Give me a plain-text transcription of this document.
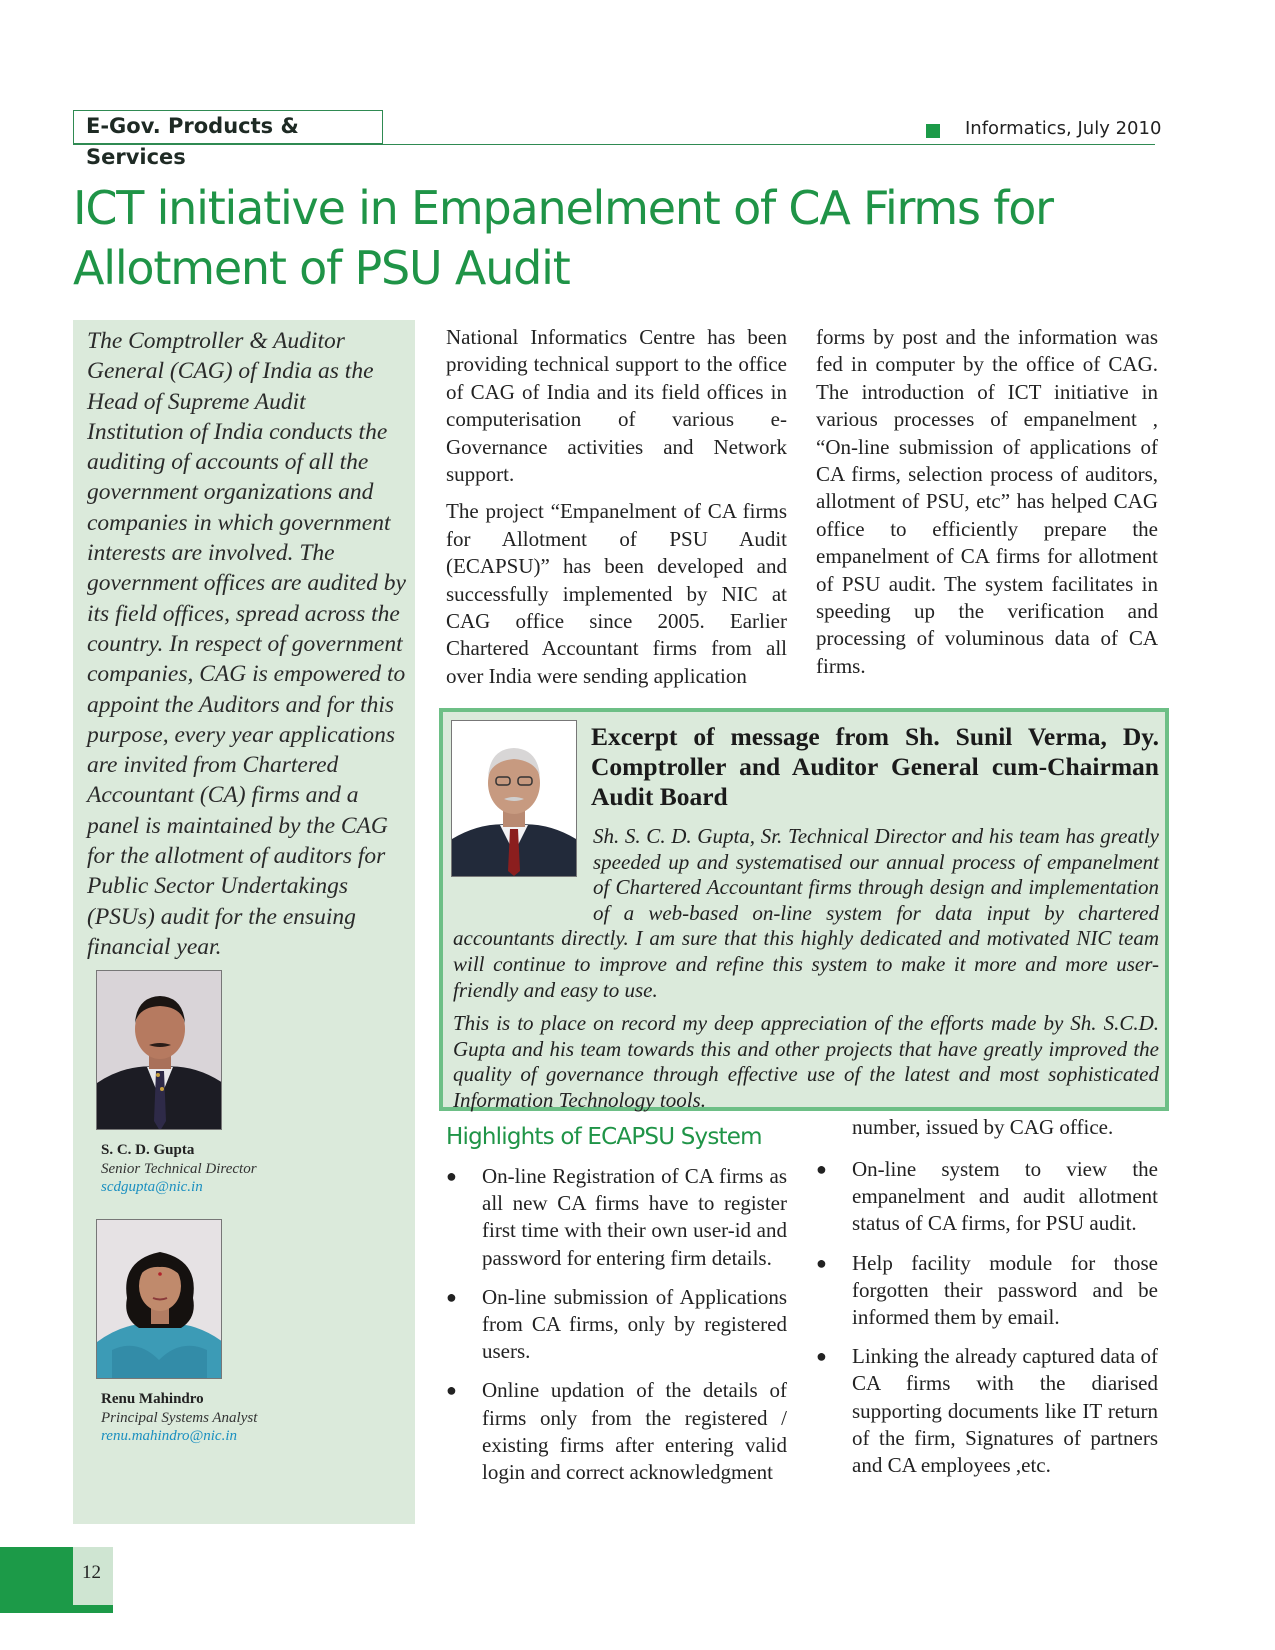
E-Gov. Products & Services
Informatics, July 2010
ICT initiative in Empanelment of CA Firms for Allotment of PSU Audit

The Comptroller & Auditor General (CAG) of India as the Head of Supreme Audit Institution of India conducts the auditing of accounts of all the government organizations and companies in which government interests are involved. The government offices are audited by its field offices, spread across the country. In respect of government companies, CAG is empowered to appoint the Auditors and for this purpose, every year applications are invited from Chartered Accountant (CA) firms and a panel is maintained by the CAG for the allotment of auditors for Public Sector Undertakings (PSUs) audit for the ensuing financial year.

S. C. D. Gupta
Senior Technical Director
scdgupta@nic.in
Renu Mahindro
Principal Systems Analyst
renu.mahindro@nic.in

National Informatics Centre has been providing technical support to the office of CAG of India and its field offices in computerisation of various e-Governance activities and Network support.

The project “Empanelment of CA firms for Allotment of PSU Audit (ECAPSU)” has been developed and successfully implemented by NIC at CAG office since 2005. Earlier Chartered Accountant firms from all over India were sending application

forms by post and the information was fed in computer by the office of CAG. The introduction of ICT initiative in various processes of empanelment , “On-line submission of applications of CA firms, selection process of auditors, allotment of PSU, etc” has helped CAG office to efficiently prepare the empanelment of CA firms for allotment of PSU audit. The system facilitates in speeding up the verification and processing of voluminous data of CA firms.

Excerpt of message from Sh. Sunil Verma, Dy. Comptroller and Auditor General cum-Chairman Audit Board

Sh. S. C. D. Gupta, Sr. Technical Director and his team has greatly speeded up and systematised our annual process of empanelment of Chartered Accountant firms through design and implementation of a web-based on-line system for data input by chartered accountants directly. I am sure that this highly dedicated and motivated NIC team will continue to improve and refine this system to make it more and more user-friendly and easy to use.

This is to place on record my deep appreciation of the efforts made by Sh. S.C.D. Gupta and his team towards this and other projects that have greatly improved the quality of governance through effective use of the latest and most sophisticated Information Technology tools.

Highlights of ECAPSU System
● On-line Registration of CA firms as all new CA firms have to register first time with their own user-id and password for entering firm details.
● On-line submission of Applications from CA firms, only by registered users.
● Online updation of the details of firms only from the registered / existing firms after entering valid login and correct acknowledgment
number, issued by CAG office.
● On-line system to view the empanelment and audit allotment status of CA firms, for PSU audit.
● Help facility module for those forgotten their password and be informed them by email.
● Linking the already captured data of CA firms with the diarised supporting documents like IT return of the firm, Signatures of partners and CA employees ,etc.
12
